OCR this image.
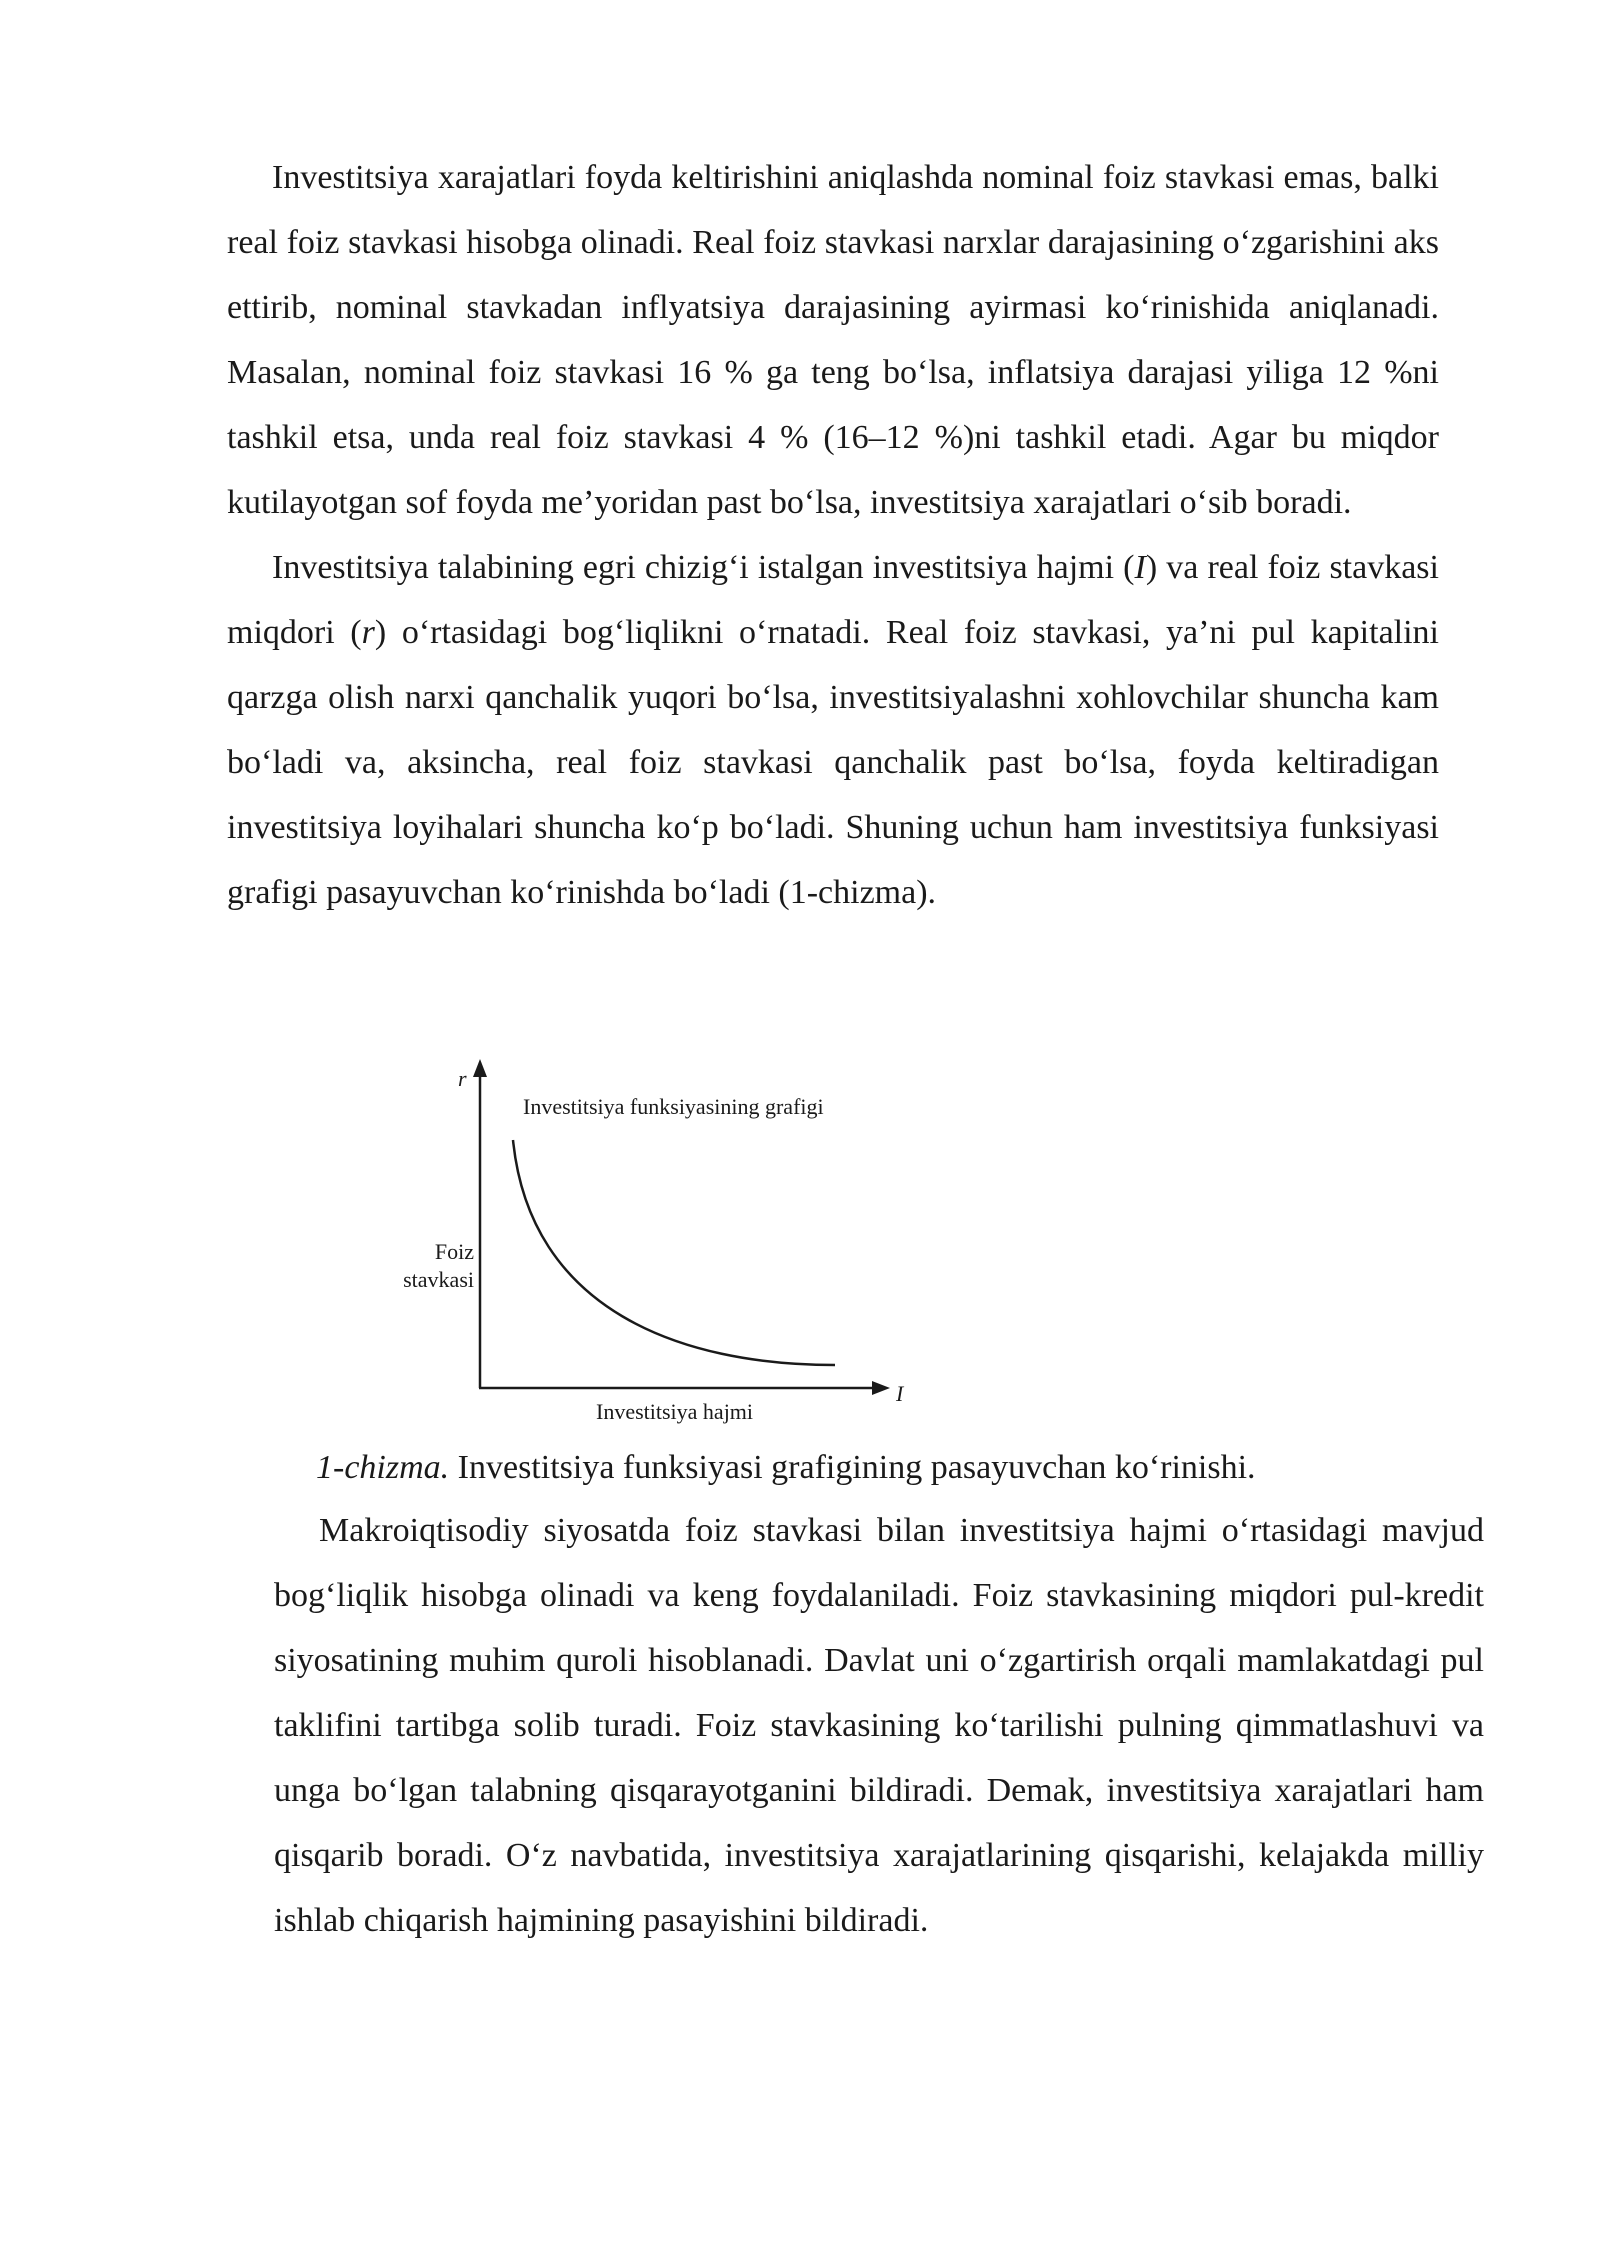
Investitsiya xarajatlari foyda keltirishini aniqlashda nominal foiz stavkasi emas, balki real foiz stavkasi hisobga olinadi. Real foiz stavkasi narxlar darajasining o‘zgarishini aks ettirib, nominal stavkadan inflyatsiya darajasining ayirmasi ko‘rinishida aniqlanadi. Masalan, nominal foiz stavkasi 16 % ga teng bo‘lsa, inflatsiya darajasi yiliga 12 %ni tashkil etsa, unda real foiz stavkasi 4 % (16–12 %)ni tashkil etadi. Agar bu miqdor kutilayotgan sof foyda me’yoridan past bo‘lsa, investitsiya xarajatlari o‘sib boradi.

Investitsiya talabining egri chizig‘i istalgan investitsiya hajmi (I) va real foiz stavkasi miqdori (r) o‘rtasidagi bog‘liqlikni o‘rnatadi. Real foiz stavkasi, ya’ni pul kapitalini qarzga olish narxi qanchalik yuqori bo‘lsa, investitsiyalashni xohlovchilar shuncha kam bo‘ladi va, aksincha, real foiz stavkasi qanchalik past bo‘lsa, foyda keltiradigan investitsiya loyihalari shuncha ko‘p bo‘ladi. Shuning uchun ham investitsiya funksiyasi grafigi pasayuvchan ko‘rinishda bo‘ladi (1-chizma).

r
Investitsiya funksiyasining grafigi
Foiz
stavkasi
I
Investitsiya hajmi
1-chizma. Investitsiya funksiyasi grafigining pasayuvchan ko‘rinishi.

Makroiqtisodiy siyosatda foiz stavkasi bilan investitsiya hajmi o‘rtasidagi mavjud bog‘liqlik hisobga olinadi va keng foydalaniladi. Foiz stavkasining miqdori pul-kredit siyosatining muhim quroli hisoblanadi. Davlat uni o‘zgartirish orqali mamlakatdagi pul taklifini tartibga solib turadi. Foiz stavkasining ko‘tarilishi pulning qimmatlashuvi va unga bo‘lgan talabning qisqarayotganini bildiradi. Demak, investitsiya xarajatlari ham qisqarib boradi. O‘z navbatida, investitsiya xarajatlarining qisqarishi, kelajakda milliy ishlab chiqarish hajmining pasayishini bildiradi.
